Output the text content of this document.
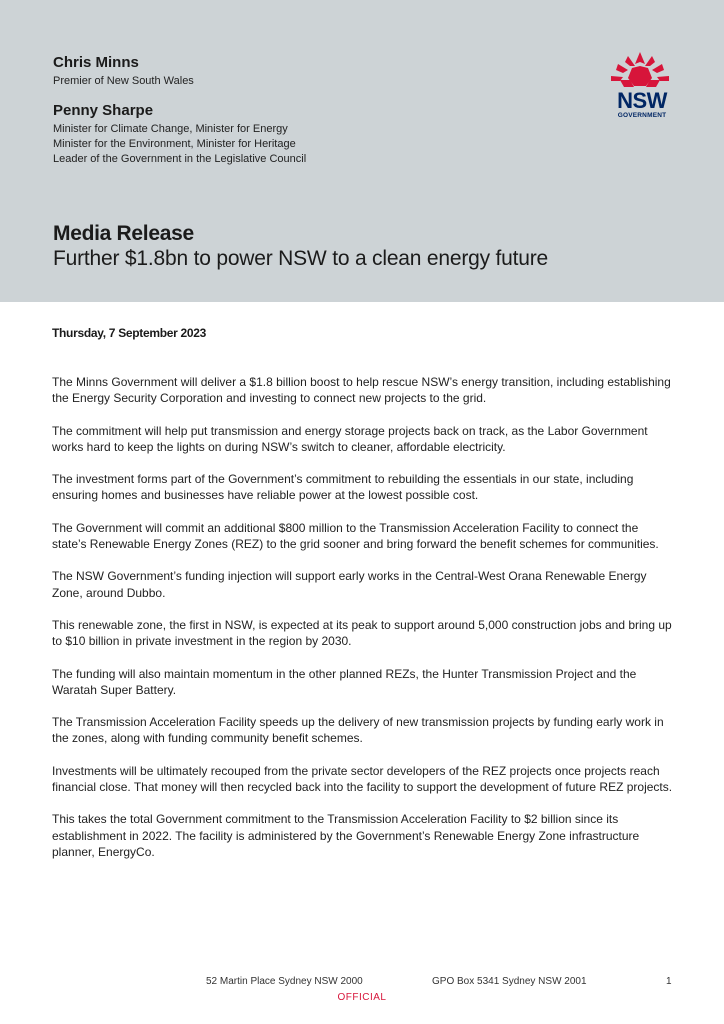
Chris Minns

Premier of New South Wales

Penny Sharpe

Minister for Climate Change, Minister for Energy

Minister for the Environment, Minister for Heritage

Leader of the Government in the Legislative Council

NSW
GOVERNMENT
Media Release
Further $1.8bn to power NSW to a clean energy future
Thursday, 7 September 2023

The Minns Government will deliver a $1.8 billion boost to help rescue NSW’s energy transition, including establishing the Energy Security Corporation and investing to connect new projects to the grid.

The commitment will help put transmission and energy storage projects back on track, as the Labor Government works hard to keep the lights on during NSW’s switch to cleaner, affordable electricity.

The investment forms part of the Government’s commitment to rebuilding the essentials in our state, including ensuring homes and businesses have reliable power at the lowest possible cost.

The Government will commit an additional $800 million to the Transmission Acceleration Facility to connect the state’s Renewable Energy Zones (REZ) to the grid sooner and bring forward the benefit schemes for communities.

The NSW Government’s funding injection will support early works in the Central-West Orana Renewable Energy Zone, around Dubbo.

This renewable zone, the first in NSW, is expected at its peak to support around 5,000 construction jobs and bring up to $10 billion in private investment in the region by 2030.

The funding will also maintain momentum in the other planned REZs, the Hunter Transmission Project and the Waratah Super Battery.

The Transmission Acceleration Facility speeds up the delivery of new transmission projects by funding early work in the zones, along with funding community benefit schemes.

Investments will be ultimately recouped from the private sector developers of the REZ projects once projects reach financial close. That money will then recycled back into the facility to support the development of future REZ projects.

This takes the total Government commitment to the Transmission Acceleration Facility to $2 billion since its establishment in 2022. The facility is administered by the Government’s Renewable Energy Zone infrastructure planner, EnergyCo.

52 Martin Place Sydney NSW 2000	GPO Box 5341 Sydney NSW 2001	1
OFFICIAL
